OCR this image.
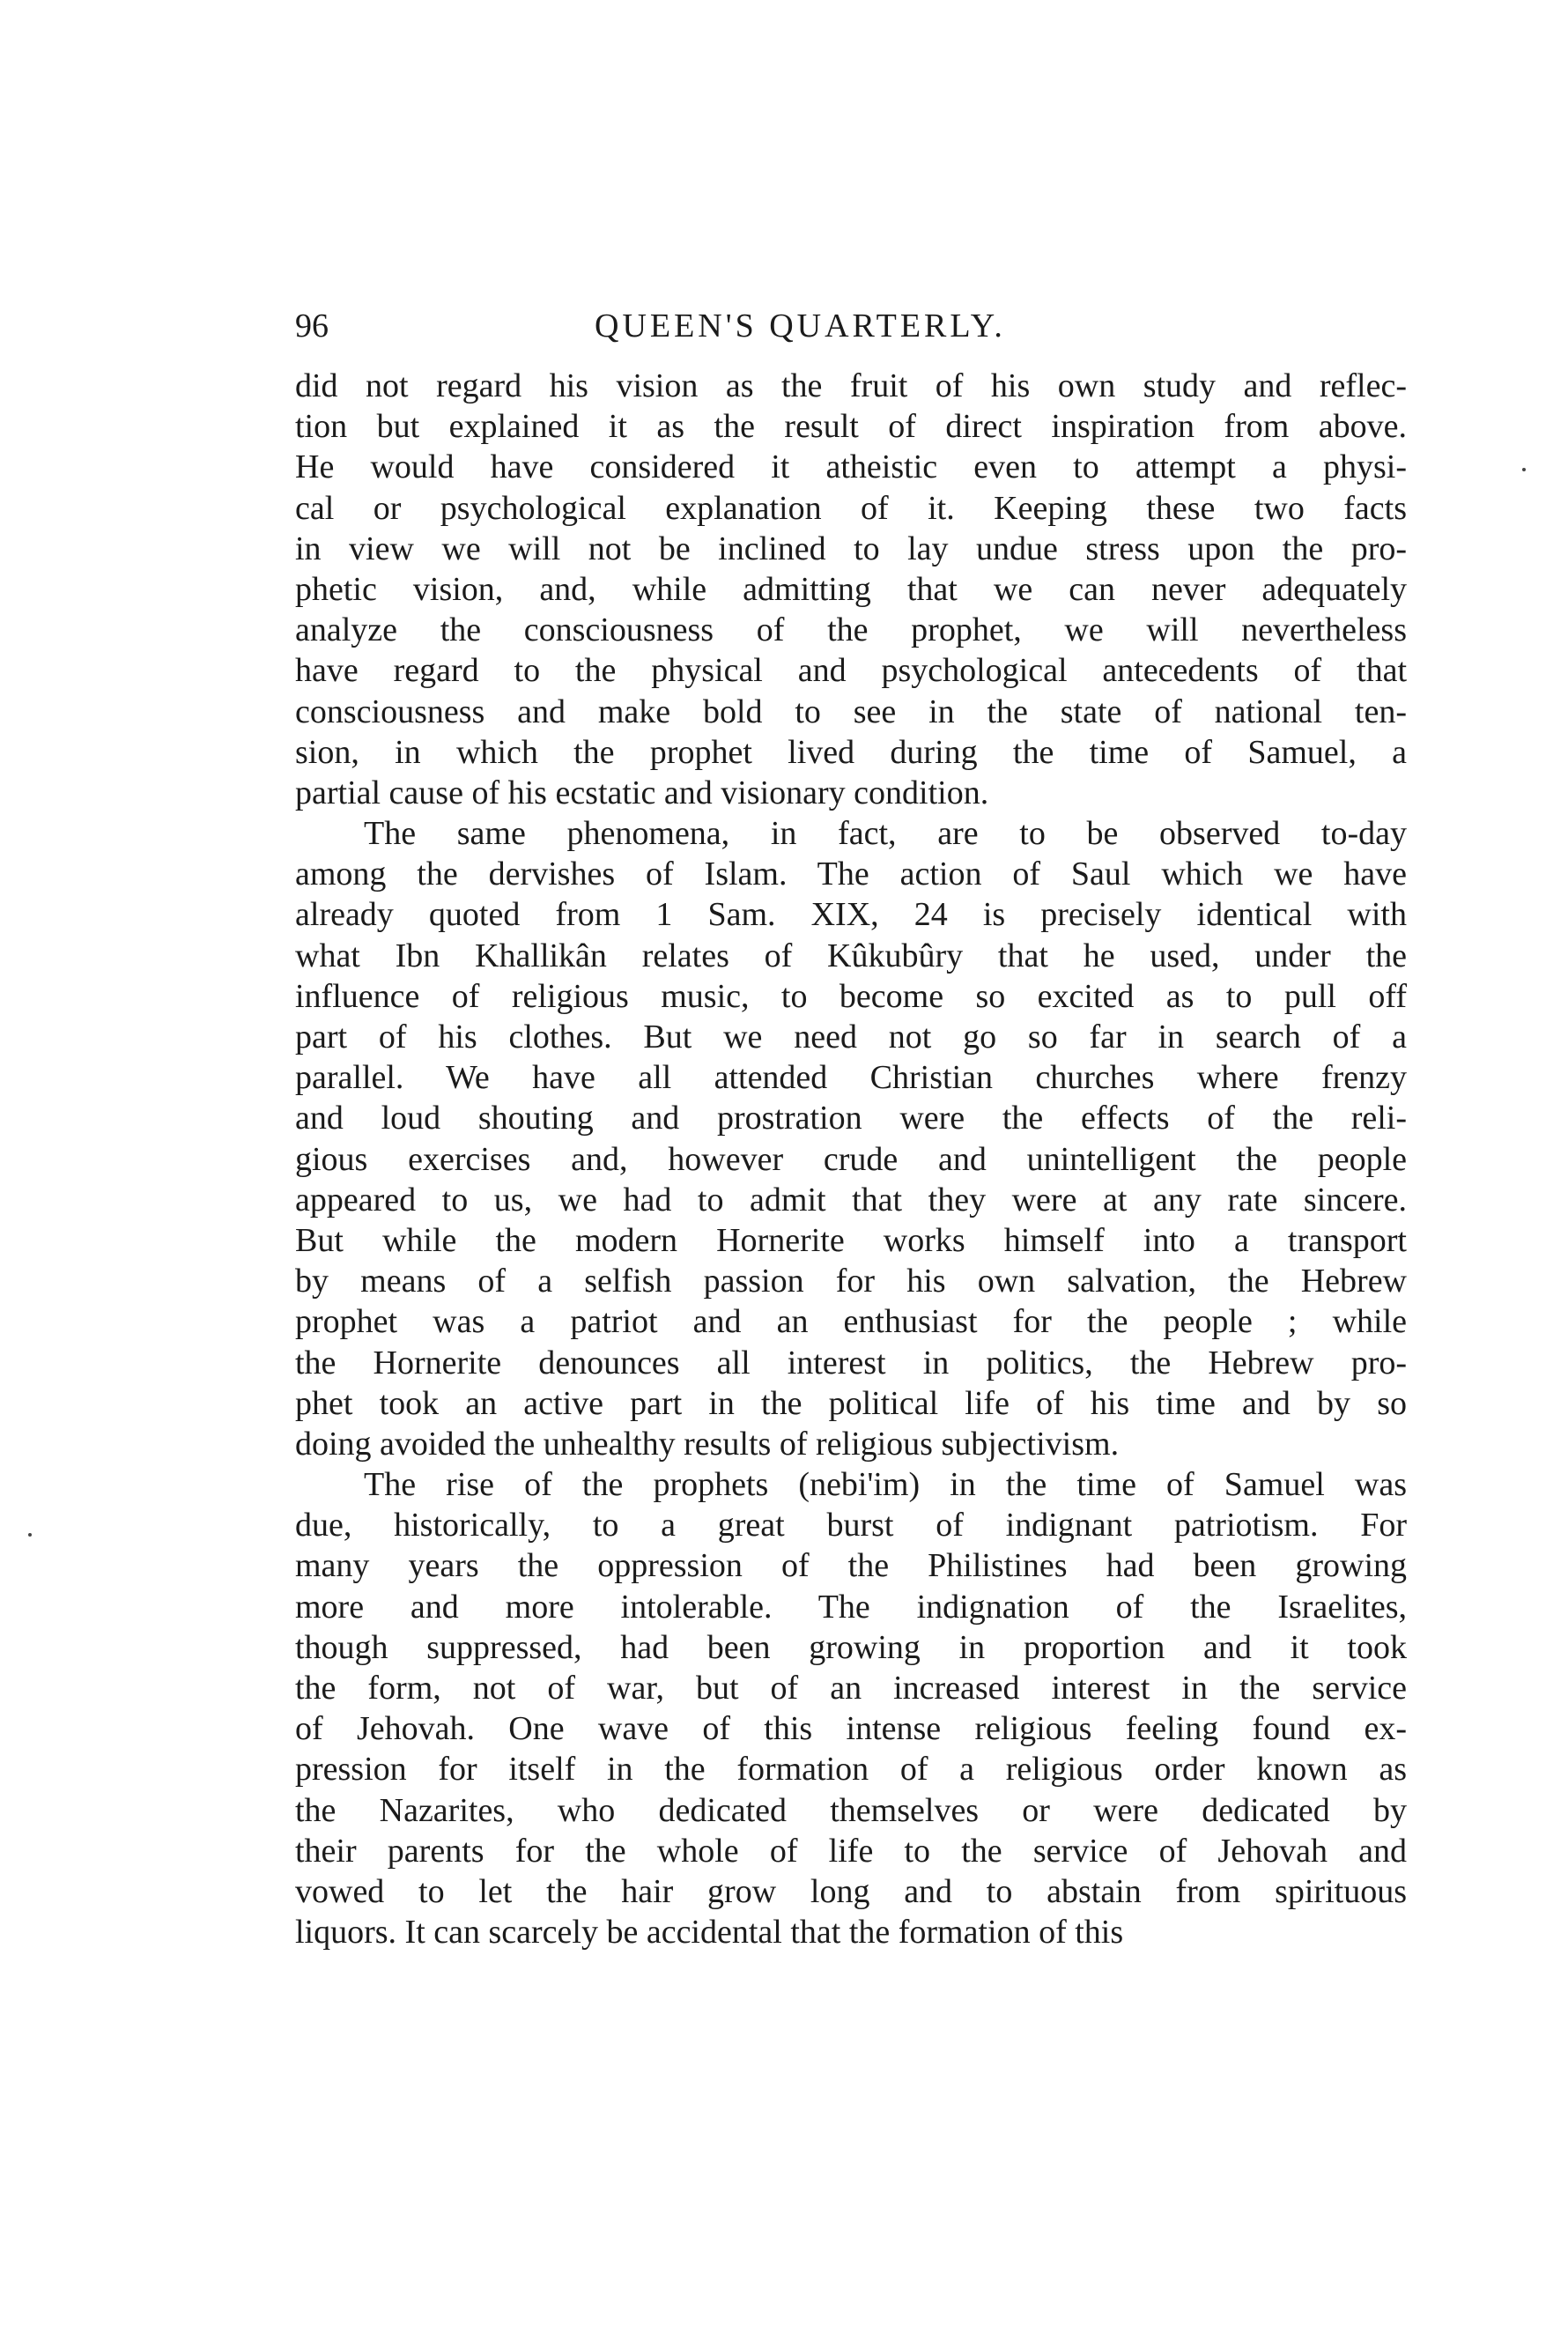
96	QUEEN'S QUARTERLY.
did not regard his vision as the fruit of his own study and reflec-
tion but explained it as the result of direct inspiration from above.
He would have considered it atheistic even to attempt a physi-
cal or psychological explanation of it. Keeping these two facts
in view we will not be inclined to lay undue stress upon the pro-
phetic vision, and, while admitting that we can never adequately
analyze the consciousness of the prophet, we will nevertheless
have regard to the physical and psychological antecedents of that
consciousness and make bold to see in the state of national ten-
sion, in which the prophet lived during the time of Samuel, a
partial cause of his ecstatic and visionary condition.
The same phenomena, in fact, are to be observed to-day
among the dervishes of Islam. The action of Saul which we have
already quoted from 1 Sam. XIX, 24 is precisely identical with
what Ibn Khallikân relates of Kûkubûry that he used, under the
influence of religious music, to become so excited as to pull off
part of his clothes. But we need not go so far in search of a
parallel. We have all attended Christian churches where frenzy
and loud shouting and prostration were the effects of the reli-
gious exercises and, however crude and unintelligent the people
appeared to us, we had to admit that they were at any rate sincere.
But while the modern Hornerite works himself into a transport
by means of a selfish passion for his own salvation, the Hebrew
prophet was a patriot and an enthusiast for the people ; while
the Hornerite denounces all interest in politics, the Hebrew pro-
phet took an active part in the political life of his time and by so
doing avoided the unhealthy results of religious subjectivism.
The rise of the prophets (nebi'im) in the time of Samuel was
due, historically, to a great burst of indignant patriotism. For
many years the oppression of the Philistines had been growing
more and more intolerable. The indignation of the Israelites,
though suppressed, had been growing in proportion and it took
the form, not of war, but of an increased interest in the service
of Jehovah. One wave of this intense religious feeling found ex-
pression for itself in the formation of a religious order known as
the Nazarites, who dedicated themselves or were dedicated by
their parents for the whole of life to the service of Jehovah and
vowed to let the hair grow long and to abstain from spirituous
liquors. It can scarcely be accidental that the formation of this
